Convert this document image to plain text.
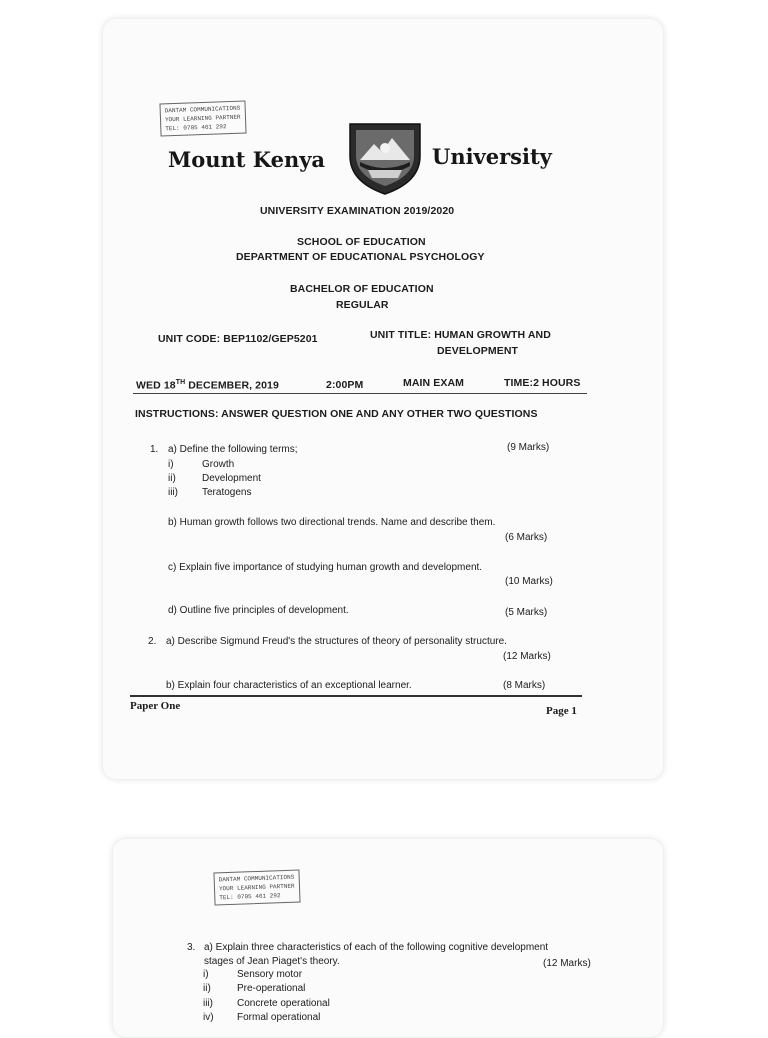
DANTAM COMMUNICATIONS
YOUR LEARNING PARTNER
TEL: 0705 461 292
Mount Kenya	University
UNIVERSITY EXAMINATION 2019/2020
SCHOOL OF EDUCATION
DEPARTMENT OF EDUCATIONAL PSYCHOLOGY
BACHELOR OF EDUCATION
REGULAR
UNIT CODE: BEP1102/GEP5201	UNIT TITLE: HUMAN GROWTH AND
DEVELOPMENT
WED 18TH DECEMBER, 2019	2:00PM	MAIN EXAM	TIME:2 HOURS
INSTRUCTIONS: ANSWER QUESTION ONE AND ANY OTHER TWO QUESTIONS
1. a) Define the following terms;	(9 Marks)
i)	Growth
ii)	Development
iii) Teratogens
b) Human growth follows two directional trends. Name and describe them.
(6 Marks)
c) Explain five importance of studying human growth and development.
(10 Marks)
d) Outline five principles of development.	(5 Marks)
2. a) Describe Sigmund Freud's the structures of theory of personality structure.
(12 Marks)
b) Explain four characteristics of an exceptional learner.	(8 Marks)
Paper One	Page 1
DANTAM COMMUNICATIONS
YOUR LEARNING PARTNER
TEL: 0705 461 292
3. a) Explain three characteristics of each of the following cognitive development
stages of Jean Piaget's theory.	(12 Marks)
i)	Sensory motor
ii)	Pre-operational
iii) Concrete operational
iv) Formal operational
